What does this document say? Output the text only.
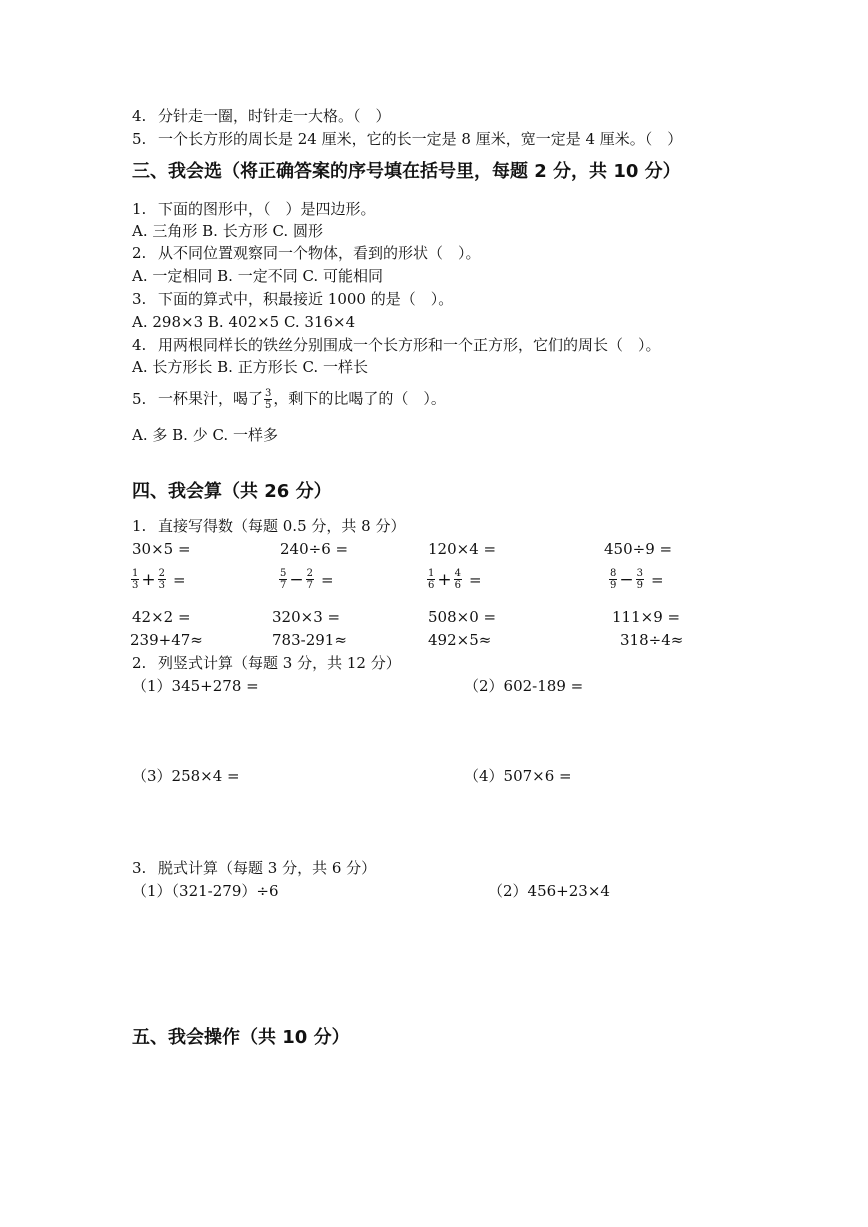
4. 分针走一圈，时针走一大格。（　）
5. 一个长方形的周长是 24 厘米，它的长一定是 8 厘米，宽一定是 4 厘米。（　）
三、我会选（将正确答案的序号填在括号里，每题 2 分，共 10 分）
1. 下面的图形中，（　）是四边形。
A. 三角形 B. 长方形 C. 圆形
2. 从不同位置观察同一个物体，看到的形状（　）。
A. 一定相同 B. 一定不同 C. 可能相同
3. 下面的算式中，积最接近 1000 的是（　）。
A. 298×3 B. 402×5 C. 316×4
4. 用两根同样长的铁丝分别围成一个长方形和一个正方形，它们的周长（　）。
A. 长方形长 B. 正方形长 C. 一样长
5. 一杯果汁，喝了 $\frac{3}{5}$ ，剩下的比喝了的（　）。
A. 多 B. 少 C. 一样多
四、我会算（共 26 分）
1. 直接写得数（每题 0.5 分，共 8 分）
30×5 =	240÷6 =	120×4 =	450÷9 =
$\frac{1}{3} + \frac{2}{3}$ =	$\frac{5}{7} - \frac{2}{7}$ =	$\frac{1}{6} + \frac{4}{6}$ =	$\frac{8}{9} - \frac{3}{9}$ =
42×2 =	320×3 =	508×0 =	111×9 =
239+47≈	783-291≈	492×5≈	318÷4≈
2. 列竖式计算（每题 3 分，共 12 分）
（1）345+278 =	（2）602-189 =
（3）258×4 =	（4）507×6 =
3. 脱式计算（每题 3 分，共 6 分）
（1）（321-279）÷6	（2）456+23×4
五、我会操作（共 10 分）
